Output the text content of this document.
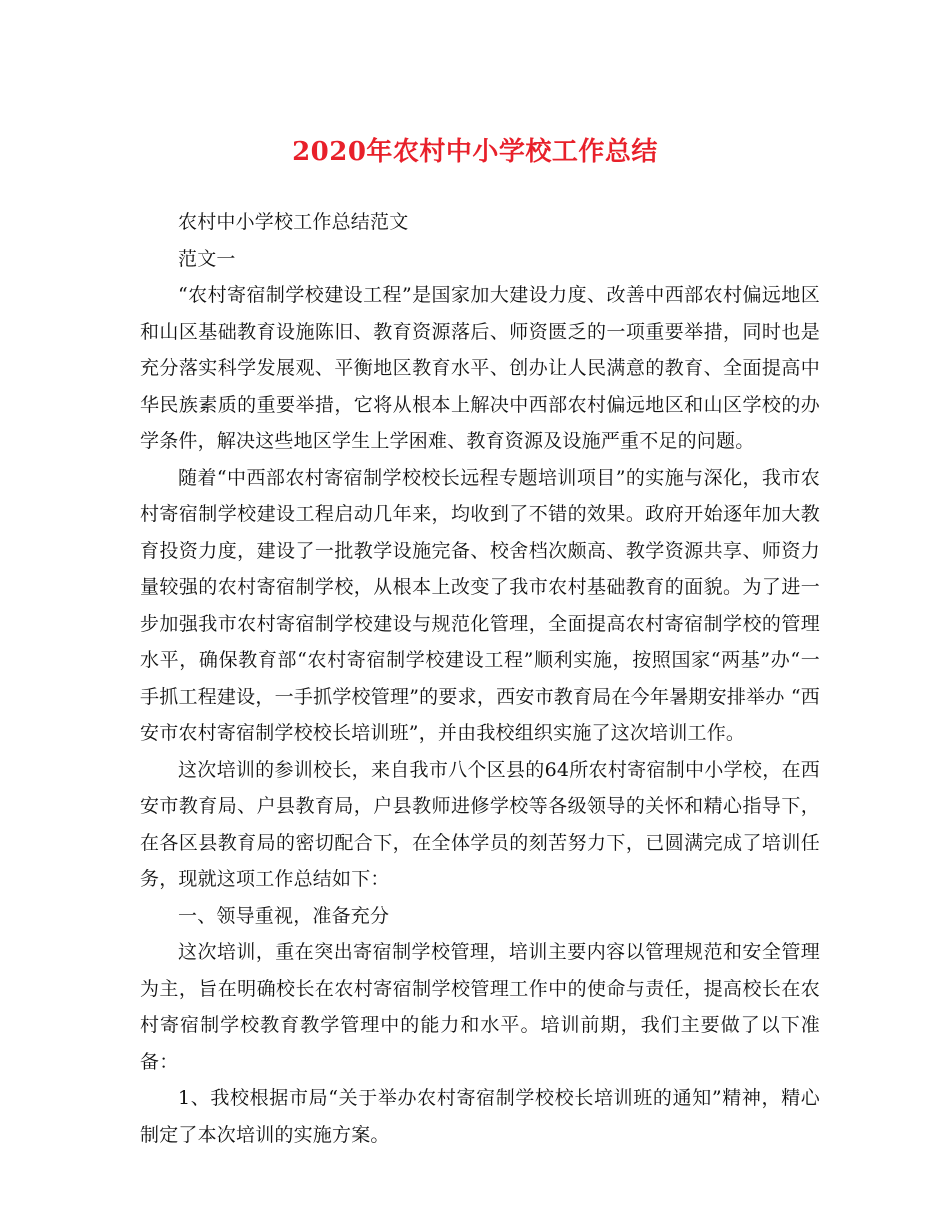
2020年农村中小学校工作总结

农村中小学校工作总结范文

范文一

“农村寄宿制学校建设工程”是国家加大建设力度、改善中西部农村偏远地区和山区基础教育设施陈旧、教育资源落后、师资匮乏的一项重要举措，同时也是充分落实科学发展观、平衡地区教育水平、创办让人民满意的教育、全面提高中华民族素质的重要举措，它将从根本上解决中西部农村偏远地区和山区学校的办学条件，解决这些地区学生上学困难、教育资源及设施严重不足的问题。

随着“中西部农村寄宿制学校校长远程专题培训项目”的实施与深化，我市农村寄宿制学校建设工程启动几年来，均收到了不错的效果。政府开始逐年加大教育投资力度，建设了一批教学设施完备、校舍档次颇高、教学资源共享、师资力量较强的农村寄宿制学校，从根本上改变了我市农村基础教育的面貌。为了进一步加强我市农村寄宿制学校建设与规范化管理，全面提高农村寄宿制学校的管理水平，确保教育部“农村寄宿制学校建设工程”顺利实施，按照国家“两基”办“一手抓工程建设，一手抓学校管理”的要求，西安市教育局在今年暑期安排举办 “西安市农村寄宿制学校校长培训班”，并由我校组织实施了这次培训工作。

这次培训的参训校长，来自我市八个区县的64所农村寄宿制中小学校，在西安市教育局、户县教育局，户县教师进修学校等各级领导的关怀和精心指导下，在各区县教育局的密切配合下，在全体学员的刻苦努力下，已圆满完成了培训任务，现就这项工作总结如下：

一、领导重视，准备充分

这次培训，重在突出寄宿制学校管理，培训主要内容以管理规范和安全管理为主，旨在明确校长在农村寄宿制学校管理工作中的使命与责任，提高校长在农村寄宿制学校教育教学管理中的能力和水平。培训前期，我们主要做了以下准备：

1、我校根据市局“关于举办农村寄宿制学校校长培训班的通知”精神，精心制定了本次培训的实施方案。
